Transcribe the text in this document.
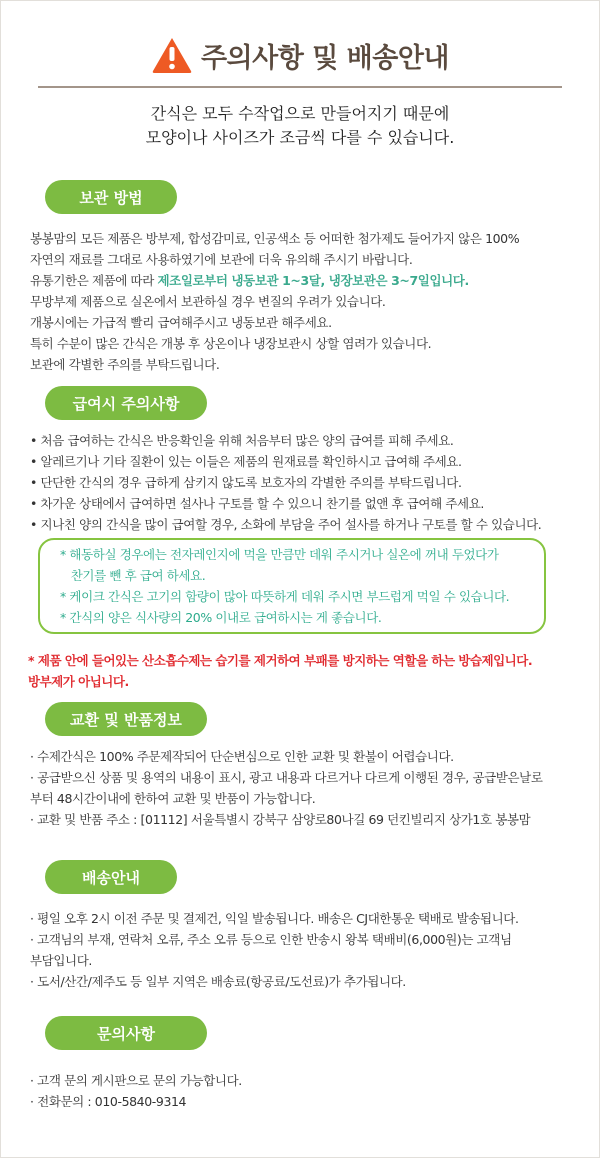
주의사항 및 배송안내

간식은 모두 수작업으로 만들어지기 때문에

모양이나 사이즈가 조금씩 다를 수 있습니다.

보관 방법

봉봉맘의 모든 제품은 방부제, 합성감미료, 인공색소 등 어떠한 첨가제도 들어가지 않은 100%

자연의 재료를 그대로 사용하였기에 보관에 더욱 유의해 주시기 바랍니다.

유통기한은 제품에 따라 제조일로부터 냉동보관 1~3달, 냉장보관은 3~7일입니다.

무방부제 제품으로 실온에서 보관하실 경우 변질의 우려가 있습니다.

개봉시에는 가급적 빨리 급여해주시고 냉동보관 해주세요.

특히 수분이 많은 간식은 개봉 후 상온이나 냉장보관시 상할 염려가 있습니다.

보관에 각별한 주의를 부탁드립니다.

급여시 주의사항

• 처음 급여하는 간식은 반응확인을 위해 처음부터 많은 양의 급여를 피해 주세요.

• 알레르기나 기타 질환이 있는 이들은 제품의 원재료를 확인하시고 급여해 주세요.

• 단단한 간식의 경우 급하게 삼키지 않도록 보호자의 각별한 주의를 부탁드립니다.

• 차가운 상태에서 급여하면 설사나 구토를 할 수 있으니 찬기를 없앤 후 급여해 주세요.

• 지나친 양의 간식을 많이 급여할 경우, 소화에 부담을 주어 설사를 하거나 구토를 할 수 있습니다.

* 해동하실 경우에는 전자레인지에 먹을 만큼만 데워 주시거나 실온에 꺼내 두었다가

찬기를 뺀 후 급여 하세요.

* 케이크 간식은 고기의 함량이 많아 따뜻하게 데워 주시면 부드럽게 먹일 수 있습니다.

* 간식의 양은 식사량의 20% 이내로 급여하시는 게 좋습니다.

* 제품 안에 들어있는 산소흡수제는 습기를 제거하여 부패를 방지하는 역할을 하는 방습제입니다.

방부제가 아닙니다.

교환 및 반품정보

· 수제간식은 100% 주문제작되어 단순변심으로 인한 교환 및 환불이 어렵습니다.

· 공급받으신 상품 및 용역의 내용이 표시, 광고 내용과 다르거나 다르게 이행된 경우, 공급받은날로

부터 48시간이내에 한하여 교환 및 반품이 가능합니다.

· 교환 및 반품 주소 : [01112] 서울특별시 강북구 삼양로80나길 69 던킨빌리지 상가1호 봉봉맘

배송안내

· 평일 오후 2시 이전 주문 및 결제건, 익일 발송됩니다. 배송은 CJ대한통운 택배로 발송됩니다.

· 고객님의 부재, 연락처 오류, 주소 오류 등으로 인한 반송시 왕복 택배비(6,000원)는 고객님

부담입니다.

· 도서/산간/제주도 등 일부 지역은 배송료(항공료/도선료)가 추가됩니다.

문의사항

· 고객 문의 게시판으로 문의 가능합니다.

· 전화문의 : 010-5840-9314
